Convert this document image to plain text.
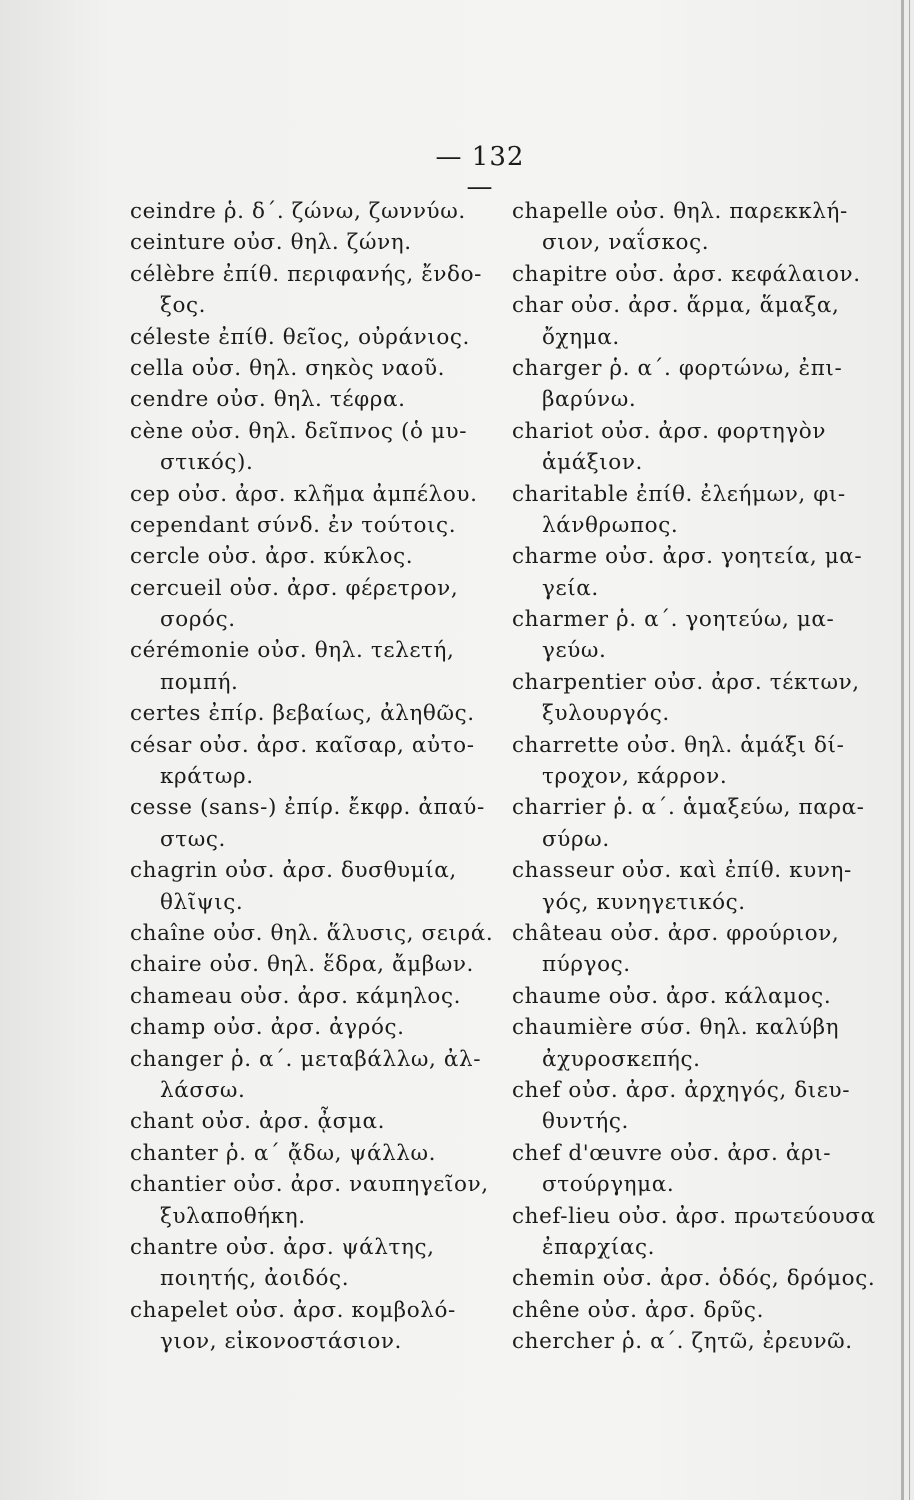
— 132 —
ceindre ῥ. δ΄. ζώνω, ζωννύω.
ceinture οὐσ. θηλ. ζώνη.
célèbre ἐπίθ. περιφανής, ἔνδο-
ξος.
céleste ἐπίθ. θεῖος, οὐράνιος.
cella οὐσ. θηλ. σηκὸς ναοῦ.
cendre οὐσ. θηλ. τέφρα.
cène οὐσ. θηλ. δεῖπνος (ὁ μυ-
στικός).
cep οὐσ. ἀρσ. κλῆμα ἀμπέλου.
cependant σύνδ. ἐν τούτοις.
cercle οὐσ. ἀρσ. κύκλος.
cercueil οὐσ. ἀρσ. φέρετρον,
σορός.
cérémonie οὐσ. θηλ. τελετή,
πομπή.
certes ἐπίρ. βεβαίως, ἀληθῶς.
césar οὐσ. ἀρσ. καῖσαρ, αὐτο-
κράτωρ.
cesse (sans-) ἐπίρ. ἔκφρ. ἀπαύ-
στως.
chagrin οὐσ. ἀρσ. δυσθυμία,
θλῖψις.
chaîne οὐσ. θηλ. ἅλυσις, σειρά.
chaire οὐσ. θηλ. ἕδρα, ἄμβων.
chameau οὐσ. ἀρσ. κάμηλος.
champ οὐσ. ἀρσ. ἀγρός.
changer ῥ. α΄. μεταβάλλω, ἀλ-
λάσσω.
chant οὐσ. ἀρσ. ᾆσμα.
chanter ῥ. α΄ ᾄδω, ψάλλω.
chantier οὐσ. ἀρσ. ναυπηγεῖον,
ξυλαποθήκη.
chantre οὐσ. ἀρσ. ψάλτης,
ποιητής, ἀοιδός.
chapelet οὐσ. ἀρσ. κομβολό-
γιον, εἰκονοστάσιον.
chapelle οὐσ. θηλ. παρεκκλή-
σιον, ναΐσκος.
chapitre οὐσ. ἀρσ. κεφάλαιον.
char οὐσ. ἀρσ. ἅρμα, ἅμαξα,
ὄχημα.
charger ῥ. α΄. φορτώνω, ἐπι-
βαρύνω.
chariot οὐσ. ἀρσ. φορτηγὸν
ἁμάξιον.
charitable ἐπίθ. ἐλεήμων, φι-
λάνθρωπος.
charme οὐσ. ἀρσ. γοητεία, μα-
γεία.
charmer ῥ. α΄. γοητεύω, μα-
γεύω.
charpentier οὐσ. ἀρσ. τέκτων,
ξυλουργός.
charrette οὐσ. θηλ. ἁμάξι δί-
τροχον, κάρρον.
charrier ῥ. α΄. ἁμαξεύω, παρα-
σύρω.
chasseur οὐσ. καὶ ἐπίθ. κυνη-
γός, κυνηγετικός.
château οὐσ. ἀρσ. φρούριον,
πύργος.
chaume οὐσ. ἀρσ. κάλαμος.
chaumière σύσ. θηλ. καλύβη
ἀχυροσκεπής.
chef οὐσ. ἀρσ. ἀρχηγός, διευ-
θυντής.
chef d'œuvre οὐσ. ἀρσ. ἀρι-
στούργημα.
chef-lieu οὐσ. ἀρσ. πρωτεύουσα
ἐπαρχίας.
chemin οὐσ. ἀρσ. ὁδός, δρόμος.
chêne οὐσ. ἀρσ. δρῦς.
chercher ῥ. α΄. ζητῶ, ἐρευνῶ.
